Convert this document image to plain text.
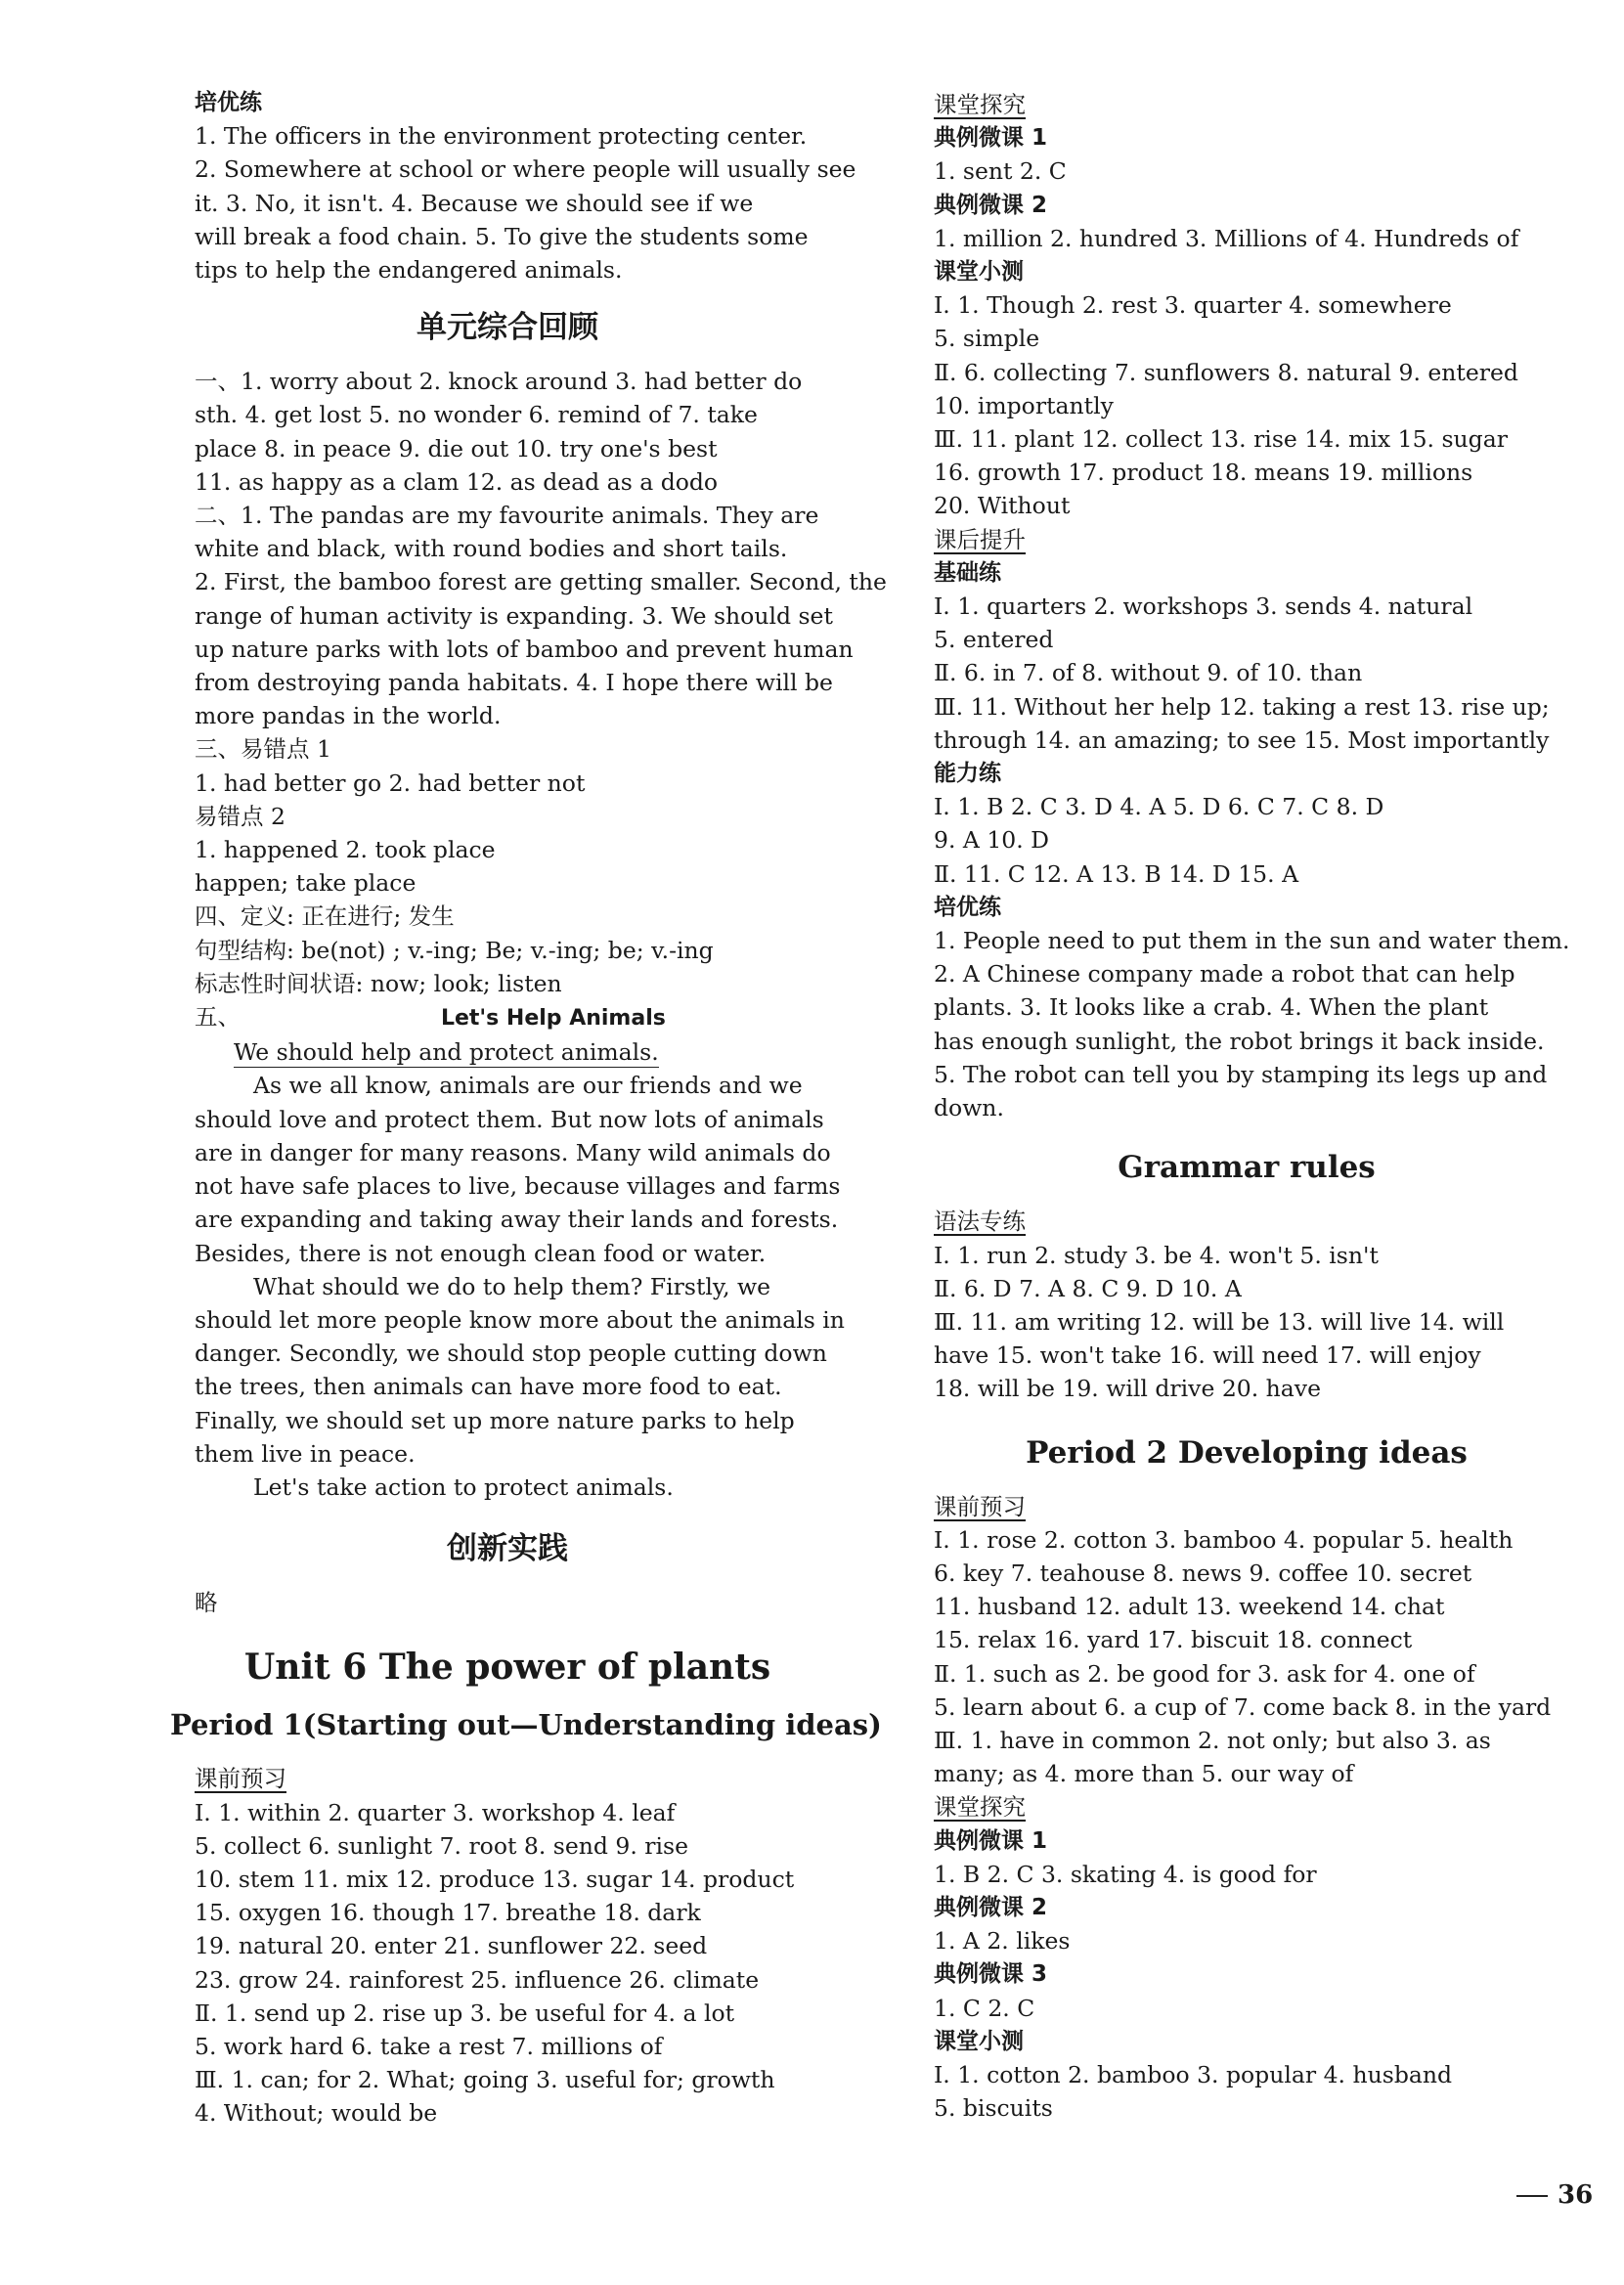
培优练

1. The officers in the environment protecting center.

2. Somewhere at school or where people will usually see

it. 3. No, it isn't. 4. Because we should see if we

will break a food chain. 5. To give the students some

tips to help the endangered animals.

单元综合回顾

一、1. worry about 2. knock around 3. had better do

sth. 4. get lost 5. no wonder 6. remind of 7. take

place 8. in peace 9. die out 10. try one's best

11. as happy as a clam 12. as dead as a dodo

二、1. The pandas are my favourite animals. They are

white and black, with round bodies and short tails.

2. First, the bamboo forest are getting smaller. Second, the

range of human activity is expanding. 3. We should set

up nature parks with lots of bamboo and prevent human

from destroying panda habitats. 4. I hope there will be

more pandas in the world.

三、易错点 1

1. had better go 2. had better not

易错点 2

1. happened 2. took place

happen; take place

四、定义: 正在进行; 发生

句型结构: be(not) ; v.-ing; Be; v.-ing; be; v.-ing

标志性时间状语: now; look; listen

五、	Let's Help Animals

We should help and protect animals.

As we all know, animals are our friends and we

should love and protect them. But now lots of animals

are in danger for many reasons. Many wild animals do

not have safe places to live, because villages and farms

are expanding and taking away their lands and forests.

Besides, there is not enough clean food or water.

What should we do to help them? Firstly, we

should let more people know more about the animals in

danger. Secondly, we should stop people cutting down

the trees, then animals can have more food to eat.

Finally, we should set up more nature parks to help

them live in peace.

Let's take action to protect animals.

创新实践

略

Unit 6 The power of plants
Period 1(Starting out—Understanding ideas)

课前预习

Ⅰ. 1. within 2. quarter 3. workshop 4. leaf

5. collect 6. sunlight 7. root 8. send 9. rise

10. stem 11. mix 12. produce 13. sugar 14. product

15. oxygen 16. though 17. breathe 18. dark

19. natural 20. enter 21. sunflower 22. seed

23. grow 24. rainforest 25. influence 26. climate

Ⅱ. 1. send up 2. rise up 3. be useful for 4. a lot

5. work hard 6. take a rest 7. millions of

Ⅲ. 1. can; for 2. What; going 3. useful for; growth

4. Without; would be

课堂探究

典例微课 1

1. sent 2. C

典例微课 2

1. million 2. hundred 3. Millions of 4. Hundreds of

课堂小测

Ⅰ. 1. Though 2. rest 3. quarter 4. somewhere

5. simple

Ⅱ. 6. collecting 7. sunflowers 8. natural 9. entered

10. importantly

Ⅲ. 11. plant 12. collect 13. rise 14. mix 15. sugar

16. growth 17. product 18. means 19. millions

20. Without

课后提升

基础练

Ⅰ. 1. quarters 2. workshops 3. sends 4. natural

5. entered

Ⅱ. 6. in 7. of 8. without 9. of 10. than

Ⅲ. 11. Without her help 12. taking a rest 13. rise up;

through 14. an amazing; to see 15. Most importantly

能力练

Ⅰ. 1. B 2. C 3. D 4. A 5. D 6. C 7. C 8. D

9. A 10. D

Ⅱ. 11. C 12. A 13. B 14. D 15. A

培优练

1. People need to put them in the sun and water them.

2. A Chinese company made a robot that can help

plants. 3. It looks like a crab. 4. When the plant

has enough sunlight, the robot brings it back inside.

5. The robot can tell you by stamping its legs up and

down.

Grammar rules

语法专练

Ⅰ. 1. run 2. study 3. be 4. won't 5. isn't

Ⅱ. 6. D 7. A 8. C 9. D 10. A

Ⅲ. 11. am writing 12. will be 13. will live 14. will

have 15. won't take 16. will need 17. will enjoy

18. will be 19. will drive 20. have

Period 2 Developing ideas

课前预习

Ⅰ. 1. rose 2. cotton 3. bamboo 4. popular 5. health

6. key 7. teahouse 8. news 9. coffee 10. secret

11. husband 12. adult 13. weekend 14. chat

15. relax 16. yard 17. biscuit 18. connect

Ⅱ. 1. such as 2. be good for 3. ask for 4. one of

5. learn about 6. a cup of 7. come back 8. in the yard

Ⅲ. 1. have in common 2. not only; but also 3. as

many; as 4. more than 5. our way of

课堂探究

典例微课 1

1. B 2. C 3. skating 4. is good for

典例微课 2

1. A 2. likes

典例微课 3

1. C 2. C

课堂小测

Ⅰ. 1. cotton 2. bamboo 3. popular 4. husband

5. biscuits

36
